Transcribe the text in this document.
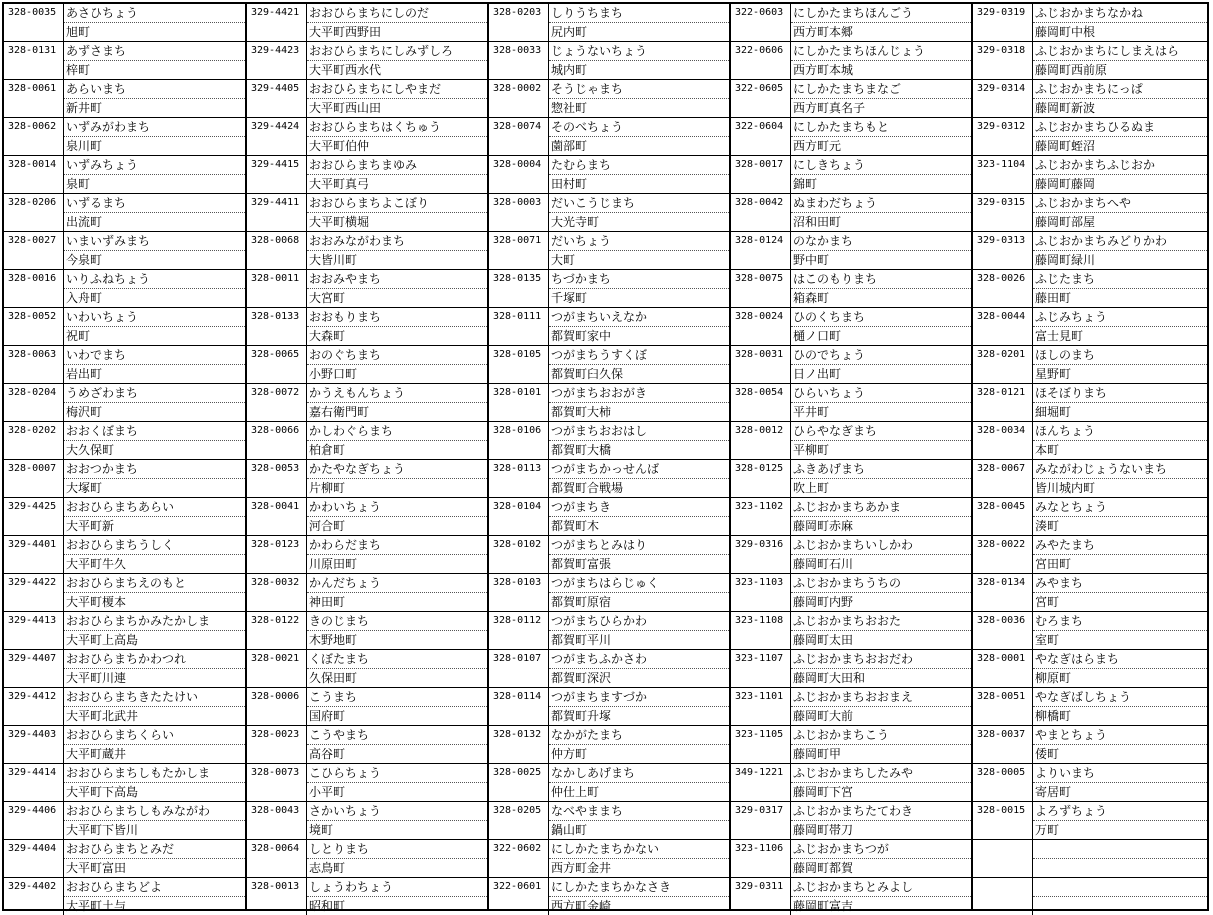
328-0035 あさひちょう
旭町
328-0131 あずさまち
梓町
328-0061 あらいまち
新井町
328-0062 いずみがわまち
泉川町
328-0014 いずみちょう
泉町
328-0206 いずるまち
出流町
328-0027 いまいずみまち
今泉町
328-0016 いりふねちょう
入舟町
328-0052 いわいちょう
祝町
328-0063 いわでまち
岩出町
328-0204 うめざわまち
梅沢町
328-0202 おおくぼまち
大久保町
328-0007 おおつかまち
大塚町
329-4425 おおひらまちあらい
大平町新
329-4401 おおひらまちうしく
大平町牛久
329-4422 おおひらまちえのもと
大平町榎本
329-4413 おおひらまちかみたかしま
大平町上高島
329-4407 おおひらまちかわつれ
大平町川連
329-4412 おおひらまちきたたけい
大平町北武井
329-4403 おおひらまちくらい
大平町蔵井
329-4414 おおひらまちしもたかしま
大平町下高島
329-4406 おおひらまちしもみながわ
大平町下皆川
329-4404 おおひらまちとみだ
大平町富田
329-4402 おおひらまちどよ
大平町土与
329-4421 おおひらまちにしのだ
大平町西野田
329-4423 おおひらまちにしみずしろ
大平町西水代
329-4405 おおひらまちにしやまだ
大平町西山田
329-4424 おおひらまちはくちゅう
大平町伯仲
329-4415 おおひらまちまゆみ
大平町真弓
329-4411 おおひらまちよこぼり
大平町横堀
328-0068 おおみながわまち
大皆川町
328-0011 おおみやまち
大宮町
328-0133 おおもりまち
大森町
328-0065 おのぐちまち
小野口町
328-0072 かうえもんちょう
嘉右衛門町
328-0066 かしわぐらまち
柏倉町
328-0053 かたやなぎちょう
片柳町
328-0041 かわいちょう
河合町
328-0123 かわらだまち
川原田町
328-0032 かんだちょう
神田町
328-0122 きのじまち
木野地町
328-0021 くぼたまち
久保田町
328-0006 こうまち
国府町
328-0023 こうやまち
高谷町
328-0073 こひらちょう
小平町
328-0043 さかいちょう
境町
328-0064 しとりまち
志鳥町
328-0013 しょうわちょう
昭和町
328-0203 しりうちまち
尻内町
328-0033 じょうないちょう
城内町
328-0002 そうじゃまち
惣社町
328-0074 そのべちょう
薗部町
328-0004 たむらまち
田村町
328-0003 だいこうじまち
大光寺町
328-0071 だいちょう
大町
328-0135 ちづかまち
千塚町
328-0111 つがまちいえなか
都賀町家中
328-0105 つがまちうすくぼ
都賀町臼久保
328-0101 つがまちおおがき
都賀町大柿
328-0106 つがまちおおはし
都賀町大橋
328-0113 つがまちかっせんば
都賀町合戦場
328-0104 つがまちき
都賀町木
328-0102 つがまちとみはり
都賀町富張
328-0103 つがまちはらじゅく
都賀町原宿
328-0112 つがまちひらかわ
都賀町平川
328-0107 つがまちふかさわ
都賀町深沢
328-0114 つがまちますづか
都賀町升塚
328-0132 なかがたまち
仲方町
328-0025 なかしあげまち
仲仕上町
328-0205 なべやままち
鍋山町
322-0602 にしかたまちかない
西方町金井
322-0601 にしかたまちかなさき
西方町金崎
322-0603 にしかたまちほんごう
西方町本郷
322-0606 にしかたまちほんじょう
西方町本城
322-0605 にしかたまちまなご
西方町真名子
322-0604 にしかたまちもと
西方町元
328-0017 にしきちょう
錦町
328-0042 ぬまわだちょう
沼和田町
328-0124 のなかまち
野中町
328-0075 はこのもりまち
箱森町
328-0024 ひのくちまち
樋ノ口町
328-0031 ひのでちょう
日ノ出町
328-0054 ひらいちょう
平井町
328-0012 ひらやなぎまち
平柳町
328-0125 ふきあげまち
吹上町
323-1102 ふじおかまちあかま
藤岡町赤麻
329-0316 ふじおかまちいしかわ
藤岡町石川
323-1103 ふじおかまちうちの
藤岡町内野
323-1108 ふじおかまちおおた
藤岡町太田
323-1107 ふじおかまちおおだわ
藤岡町大田和
323-1101 ふじおかまちおおまえ
藤岡町大前
323-1105 ふじおかまちこう
藤岡町甲
349-1221 ふじおかまちしたみや
藤岡町下宮
329-0317 ふじおかまちたてわき
藤岡町帯刀
323-1106 ふじおかまちつが
藤岡町都賀
329-0311 ふじおかまちとみよし
藤岡町富吉
329-0319 ふじおかまちなかね
藤岡町中根
329-0318 ふじおかまちにしまえはら
藤岡町西前原
329-0314 ふじおかまちにっぱ
藤岡町新波
329-0312 ふじおかまちひるぬま
藤岡町蛭沼
323-1104 ふじおかまちふじおか
藤岡町藤岡
329-0315 ふじおかまちへや
藤岡町部屋
329-0313 ふじおかまちみどりかわ
藤岡町緑川
328-0026 ふじたまち
藤田町
328-0044 ふじみちょう
富士見町
328-0201 ほしのまち
星野町
328-0121 ほそぼりまち
細堀町
328-0034 ほんちょう
本町
328-0067 みながわじょうないまち
皆川城内町
328-0045 みなとちょう
湊町
328-0022 みやたまち
宮田町
328-0134 みやまち
宮町
328-0036 むろまち
室町
328-0001 やなぎはらまち
柳原町
328-0051 やなぎばしちょう
柳橋町
328-0037 やまとちょう
倭町
328-0005 よりいまち
寄居町
328-0015 よろずちょう
万町
